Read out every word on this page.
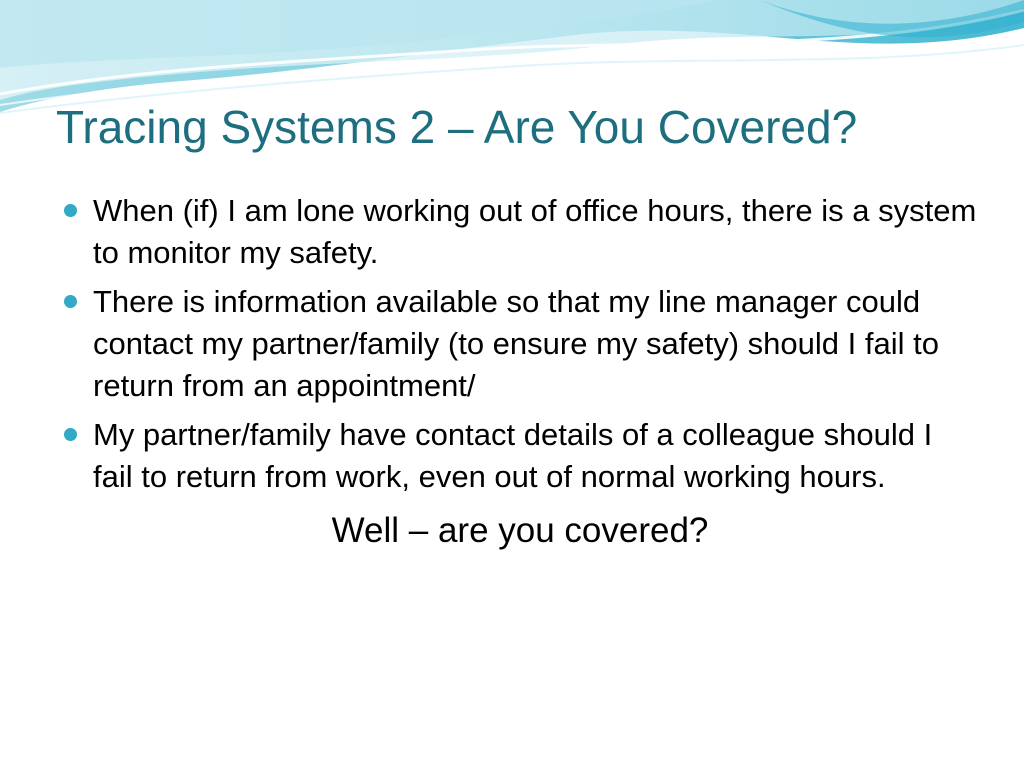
Tracing Systems 2 – Are You Covered?
When (if) I am lone working out of office hours, there is a system to monitor my safety.
There is information available so that my line manager could contact my partner/family (to ensure my safety) should I fail to return from an appointment/
My partner/family have contact details of a colleague should I fail to return from work, even out of normal working hours.

Well – are you covered?
